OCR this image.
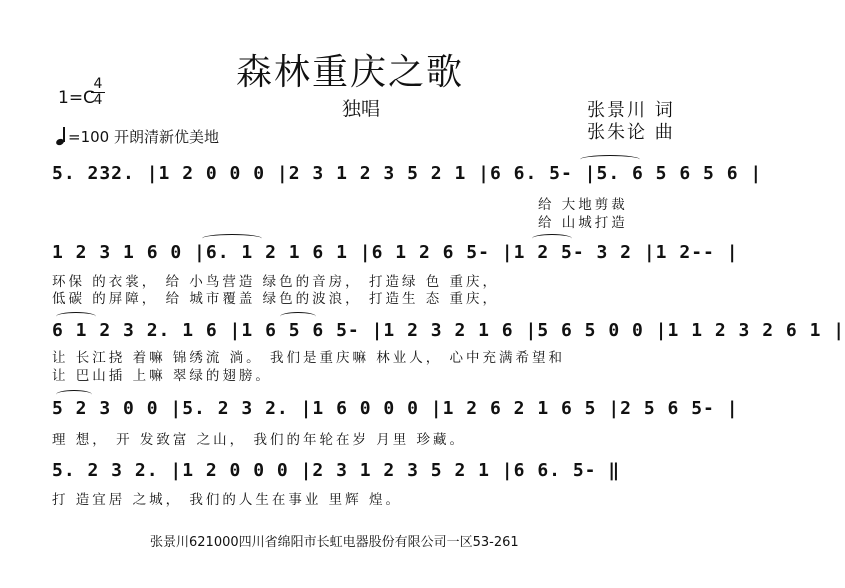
森林重庆之歌
独唱
1=C
4
4	张景川 词
张朱论 曲
=100 开朗清新优美地
5. 232. |1 2 0 0 0 |2 3 1 2 3 5 2 1 |6 6. 5- |5. 6 5 6 5 6 |
给 大地剪裁
给 山城打造
1 2 3 1 6 0 |6. 1 2 1 6 1 |6 1 2 6 5- |1 2 5- 3 2 |1 2-- |
环保 的衣裳， 给 小鸟营造 绿色的音房， 打造绿 色 重庆，
低碳 的屏障， 给 城市覆盖 绿色的波浪， 打造生 态 重庆，
6 1 2 3 2. 1 6 |1 6 5 6 5- |1 2 3 2 1 6 |5 6 5 0 0 |1 1 2 3 2 6 1 |
让 长江挠 着嘛 锦绣流 淌。 我们是重庆嘛 林业人， 心中充满希望和
让 巴山插 上嘛 翠绿的翅膀。
5 2 3 0 0 |5. 2 3 2. |1 6 0 0 0 |1 2 6 2 1 6 5 |2 5 6 5- |
理 想， 开 发致富 之山， 我们的年轮在岁 月里 珍藏。
5. 2 3 2. |1 2 0 0 0 |2 3 1 2 3 5 2 1 |6 6. 5- ‖
打 造宜居 之城， 我们的人生在事业 里辉 煌。
张景川621000四川省绵阳市长虹电器股份有限公司一区53-261
